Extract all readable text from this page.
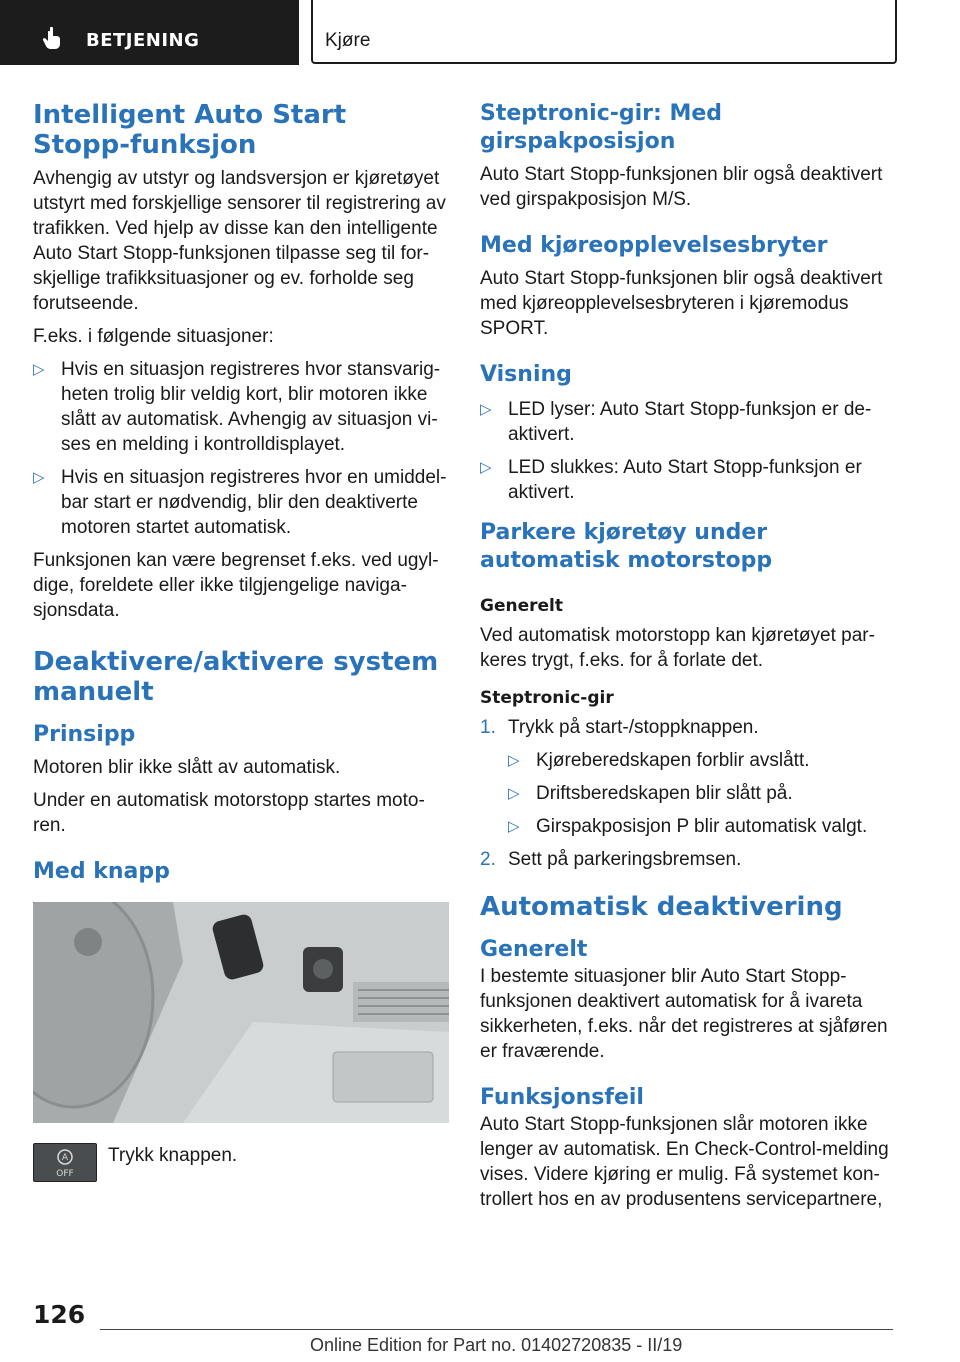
BETJENING	Kjøre
Intelligent Auto Start Stopp-funksjon

Avhengig av utstyr og landsversjon er kjøretøyet utstyrt med forskjellige sensorer til registrering av trafikken. Ved hjelp av disse kan den intelligente Auto Start Stopp-funksjonen tilpasse seg til for-skjellige trafikksituasjoner og ev. forholde seg forutseende.

F.eks. i følgende situasjoner:

▷ Hvis en situasjon registreres hvor stansvarig-heten trolig blir veldig kort, blir motoren ikke slått av automatisk. Avhengig av situasjon vi-ses en melding i kontrolldisplayet.
▷ Hvis en situasjon registreres hvor en umiddel-bar start er nødvendig, blir den deaktiverte motoren startet automatisk.

Funksjonen kan være begrenset f.eks. ved ugyl-dige, foreldete eller ikke tilgjengelige naviga-sjonsdata.

Deaktivere/aktivere system manuelt
Prinsipp

Motoren blir ikke slått av automatisk.

Under en automatisk motorstopp startes moto-ren.

Med knapp
A
OFF
Trykk knappen.
Steptronic-gir: Med girspakposisjon

Auto Start Stopp-funksjonen blir også deaktivert ved girspakposisjon M/S.

Med kjøreopplevelsesbryter

Auto Start Stopp-funksjonen blir også deaktivert med kjøreopplevelsesbryteren i kjøremodus SPORT.

Visning
▷ LED lyser: Auto Start Stopp-funksjon er de-aktivert.
▷ LED slukkes: Auto Start Stopp-funksjon er aktivert.
Parkere kjøretøy under automatisk motorstopp
Generelt

Ved automatisk motorstopp kan kjøretøyet par-keres trygt, f.eks. for å forlate det.

Steptronic-gir
1. Trykk på start-/stoppknappen.
▷ Kjøreberedskapen forblir avslått.
▷ Driftsberedskapen blir slått på.
▷ Girspakposisjon P blir automatisk valgt.
2. Sett på parkeringsbremsen.
Automatisk deaktivering
Generelt

I bestemte situasjoner blir Auto Start Stopp-funksjonen deaktivert automatisk for å ivareta sikkerheten, f.eks. når det registreres at sjåføren er fraværende.

Funksjonsfeil

Auto Start Stopp-funksjonen slår motoren ikke lenger av automatisk. En Check-Control-melding vises. Videre kjøring er mulig. Få systemet kon-trollert hos en av produsentens servicepartnere,

126
Online Edition for Part no. 01402720835 - II/19
